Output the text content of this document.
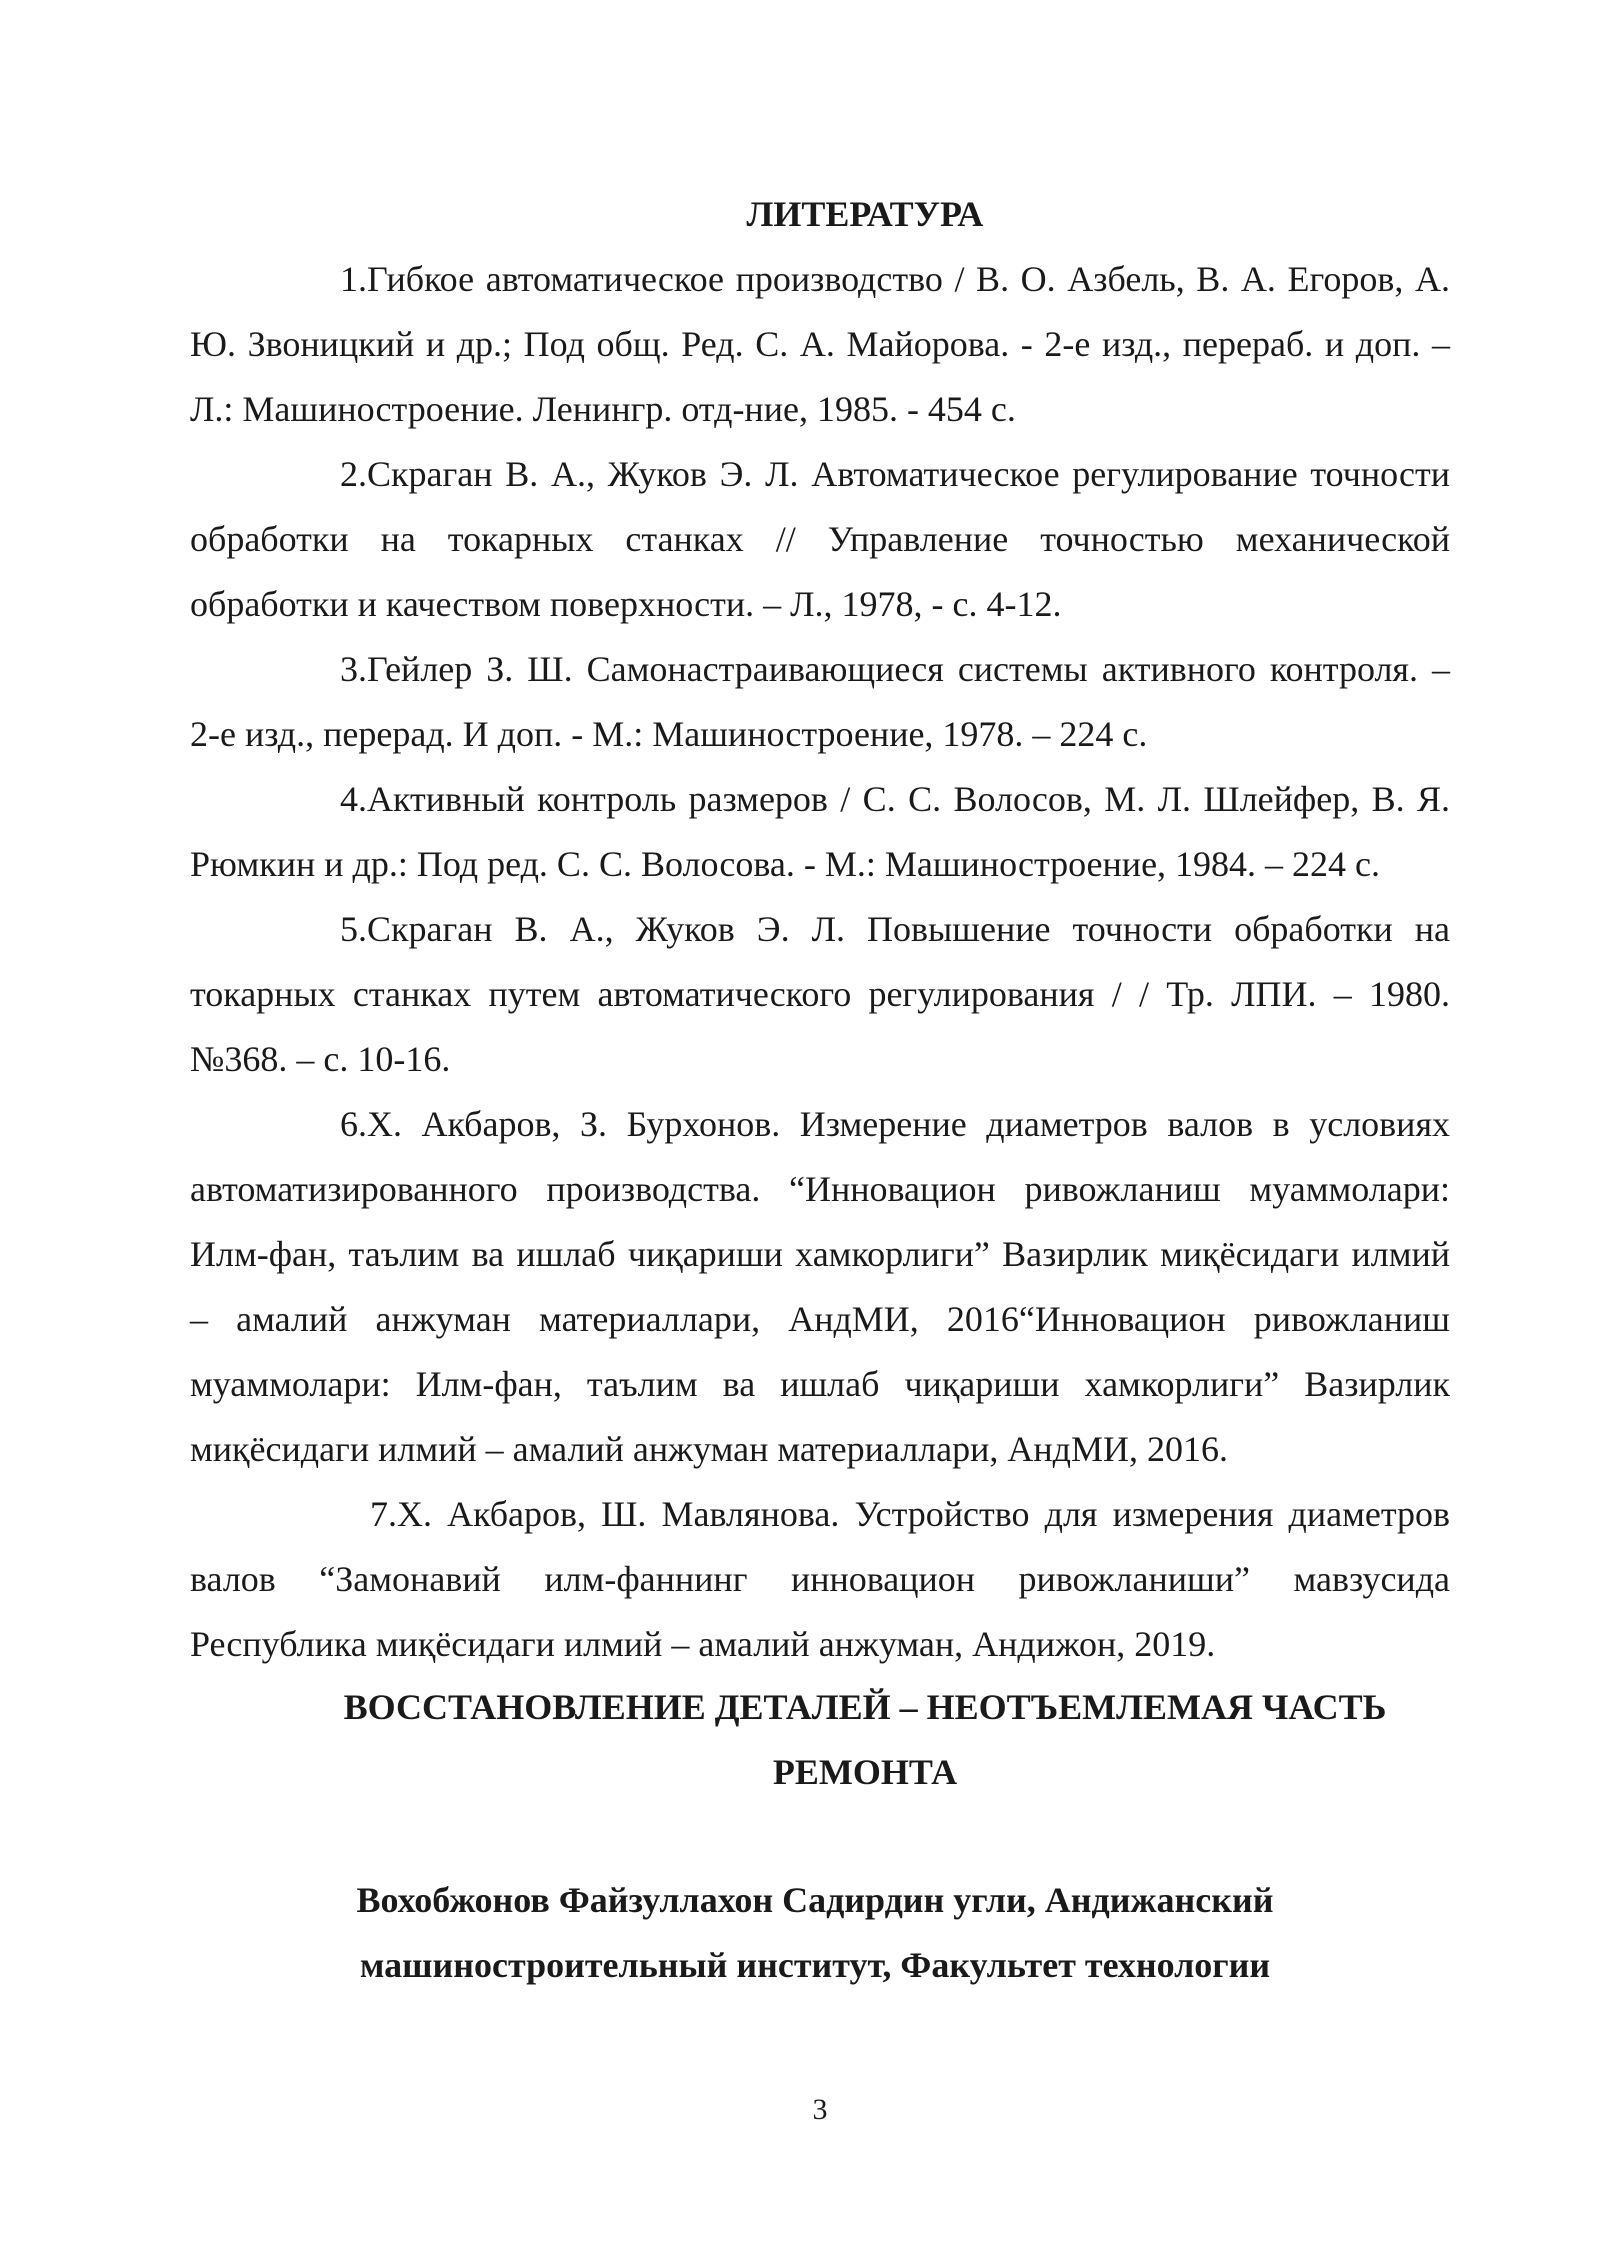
ЛИТЕРАТУРА

1.Гибкое автоматическое производство / В. О. Азбель, В. А. Егоров, А. Ю. Звоницкий и др.; Под общ. Ред. С. А. Майорова. - 2-е изд., перераб. и доп. – Л.: Машиностроение. Ленингр. отд-ние, 1985. - 454 с.

2.Скраган В. А., Жуков Э. Л. Автоматическое регулирование точности обработки на токарных станках // Управление точностью механической обработки и качеством поверхности. – Л., 1978, - с. 4-12.

3.Гейлер З. Ш. Самонастраивающиеся системы активного контроля. – 2-е изд., перерад. И доп. - М.: Машиностроение, 1978. – 224 с.

4.Активный контроль размеров / С. С. Волосов, М. Л. Шлейфер, В. Я. Рюмкин и др.: Под ред. С. С. Волосова. - М.: Машиностроение, 1984. – 224 с.

5.Скраган В. А., Жуков Э. Л. Повышение точности обработки на токарных станках путем автоматического регулирования / / Тр. ЛПИ. – 1980. №368. – с. 10-16.

6.Х. Акбаров, З. Бурхонов. Измерение диаметров валов в условиях автоматизированного производства. “Инновацион ривожланиш муаммолари: Илм-фан, таълим ва ишлаб чиқариши хамкорлиги” Вазирлик миқёсидаги илмий – амалий анжуман материаллари, АндМИ, 2016“Инновацион ривожланиш муаммолари: Илм-фан, таълим ва ишлаб чиқариши хамкорлиги” Вазирлик миқёсидаги илмий – амалий анжуман материаллари, АндМИ, 2016.

7.Х. Акбаров, Ш. Мавлянова. Устройство для измерения диаметров валов “Замонавий илм-фаннинг инновацион ривожланиши” мавзусида Республика миқёсидаги илмий – амалий анжуман, Андижон, 2019.

ВОССТАНОВЛЕНИЕ ДЕТАЛЕЙ – НЕОТЪЕМЛЕМАЯ ЧАСТЬ
РЕМОНТА

Вохобжонов Файзуллахон Садирдин угли, Андижанский
машиностроительный институт, Факультет технологии

3
